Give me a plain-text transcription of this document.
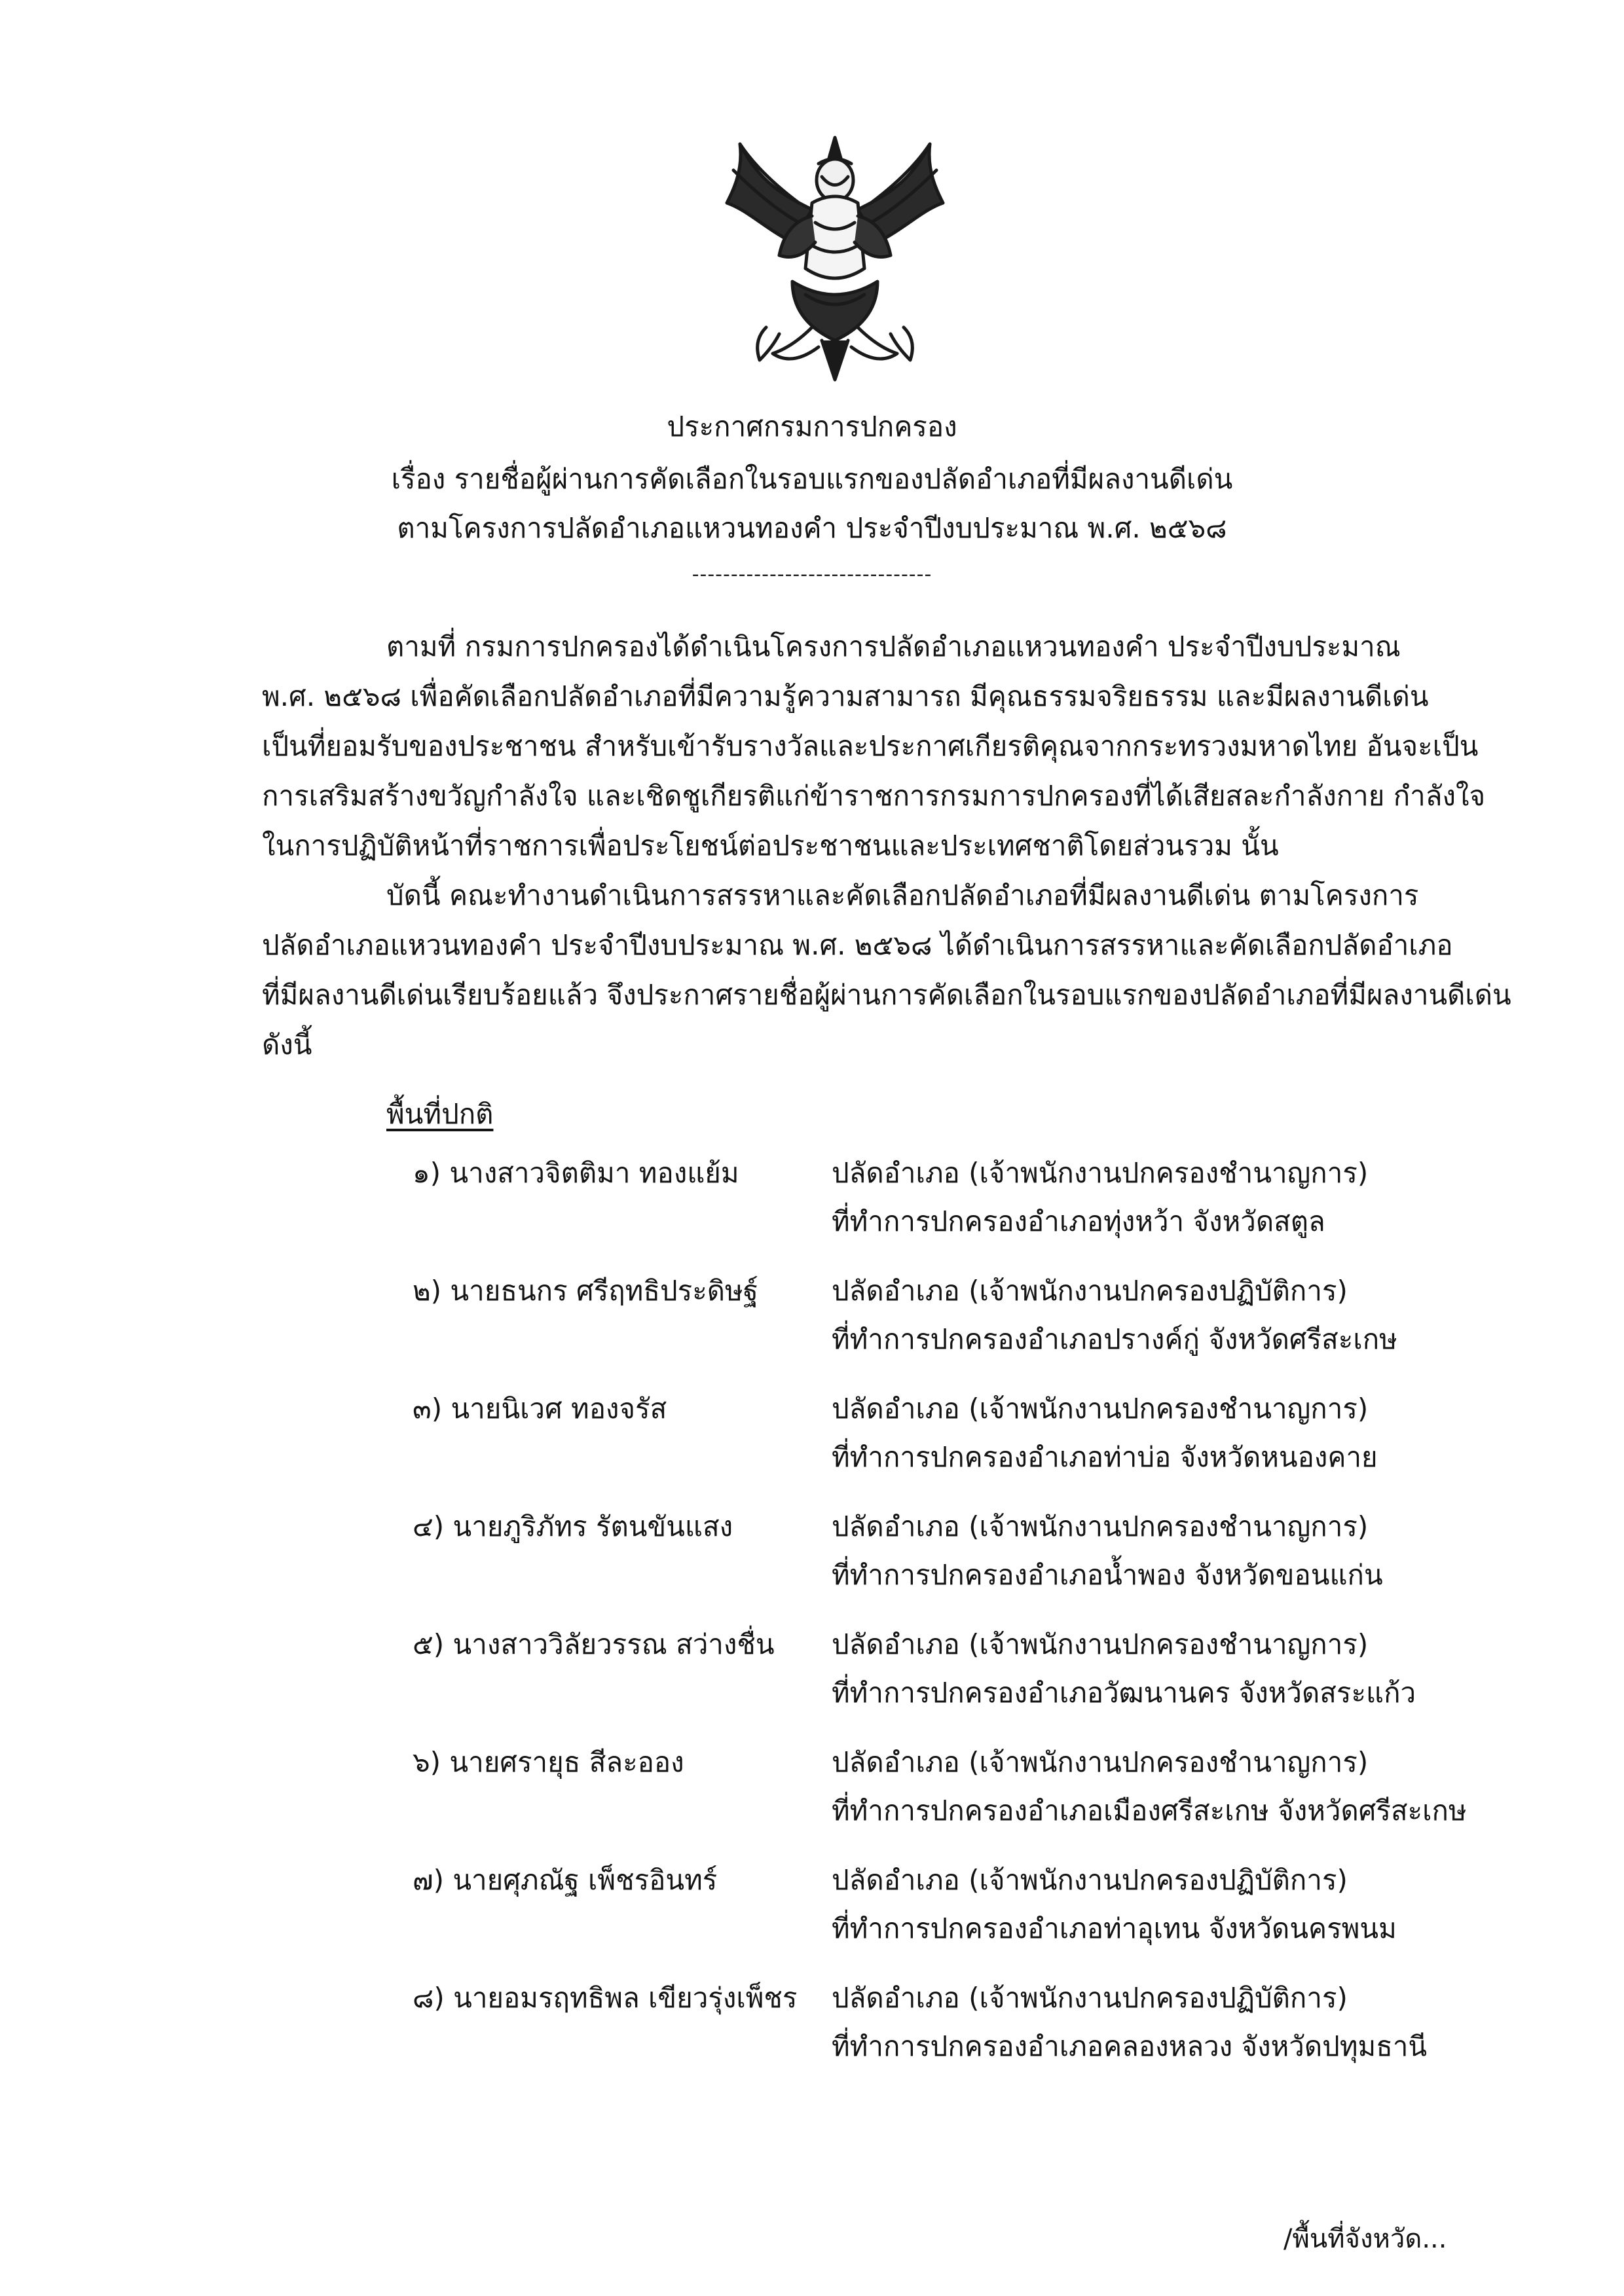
ประกาศกรมการปกครอง
เรื่อง รายชื่อผู้ผ่านการคัดเลือกในรอบแรกของปลัดอำเภอที่มีผลงานดีเด่น
ตามโครงการปลัดอำเภอแหวนทองคำ ประจำปีงบประมาณ พ.ศ. ๒๕๖๘
-------------------------------
ตามที่ กรมการปกครองได้ดำเนินโครงการปลัดอำเภอแหวนทองคำ ประจำปีงบประมาณ
พ.ศ. ๒๕๖๘ เพื่อคัดเลือกปลัดอำเภอที่มีความรู้ความสามารถ มีคุณธรรมจริยธรรม และมีผลงานดีเด่น
เป็นที่ยอมรับของประชาชน สำหรับเข้ารับรางวัลและประกาศเกียรติคุณจากกระทรวงมหาดไทย อันจะเป็น
การเสริมสร้างขวัญกำลังใจ และเชิดชูเกียรติแก่ข้าราชการกรมการปกครองที่ได้เสียสละกำลังกาย กำลังใจ
ในการปฏิบัติหน้าที่ราชการเพื่อประโยชน์ต่อประชาชนและประเทศชาติโดยส่วนรวม นั้น
บัดนี้ คณะทำงานดำเนินการสรรหาและคัดเลือกปลัดอำเภอที่มีผลงานดีเด่น ตามโครงการ
ปลัดอำเภอแหวนทองคำ ประจำปีงบประมาณ พ.ศ. ๒๕๖๘ ได้ดำเนินการสรรหาและคัดเลือกปลัดอำเภอ
ที่มีผลงานดีเด่นเรียบร้อยแล้ว จึงประกาศรายชื่อผู้ผ่านการคัดเลือกในรอบแรกของปลัดอำเภอที่มีผลงานดีเด่น
ดังนี้
พื้นที่ปกติ
๑) นางสาวจิตติมา ทองแย้ม	ปลัดอำเภอ (เจ้าพนักงานปกครองชำนาญการ)
ที่ทำการปกครองอำเภอทุ่งหว้า จังหวัดสตูล
๒) นายธนกร ศรีฤทธิประดิษฐ์	ปลัดอำเภอ (เจ้าพนักงานปกครองปฏิบัติการ)
ที่ทำการปกครองอำเภอปรางค์กู่ จังหวัดศรีสะเกษ
๓) นายนิเวศ ทองจรัส	ปลัดอำเภอ (เจ้าพนักงานปกครองชำนาญการ)
ที่ทำการปกครองอำเภอท่าบ่อ จังหวัดหนองคาย
๔) นายภูริภัทร รัตนขันแสง	ปลัดอำเภอ (เจ้าพนักงานปกครองชำนาญการ)
ที่ทำการปกครองอำเภอน้ำพอง จังหวัดขอนแก่น
๕) นางสาววิลัยวรรณ สว่างชื่น ปลัดอำเภอ (เจ้าพนักงานปกครองชำนาญการ)
ที่ทำการปกครองอำเภอวัฒนานคร จังหวัดสระแก้ว
๖) นายศรายุธ สีละออง	ปลัดอำเภอ (เจ้าพนักงานปกครองชำนาญการ)
ที่ทำการปกครองอำเภอเมืองศรีสะเกษ จังหวัดศรีสะเกษ
๗) นายศุภณัฐ เพ็ชรอินทร์	ปลัดอำเภอ (เจ้าพนักงานปกครองปฏิบัติการ)
ที่ทำการปกครองอำเภอท่าอุเทน จังหวัดนครพนม
๘) นายอมรฤทธิพล เขียวรุ่งเพ็ชร ปลัดอำเภอ (เจ้าพนักงานปกครองปฏิบัติการ)
ที่ทำการปกครองอำเภอคลองหลวง จังหวัดปทุมธานี
/พื้นที่จังหวัด...
